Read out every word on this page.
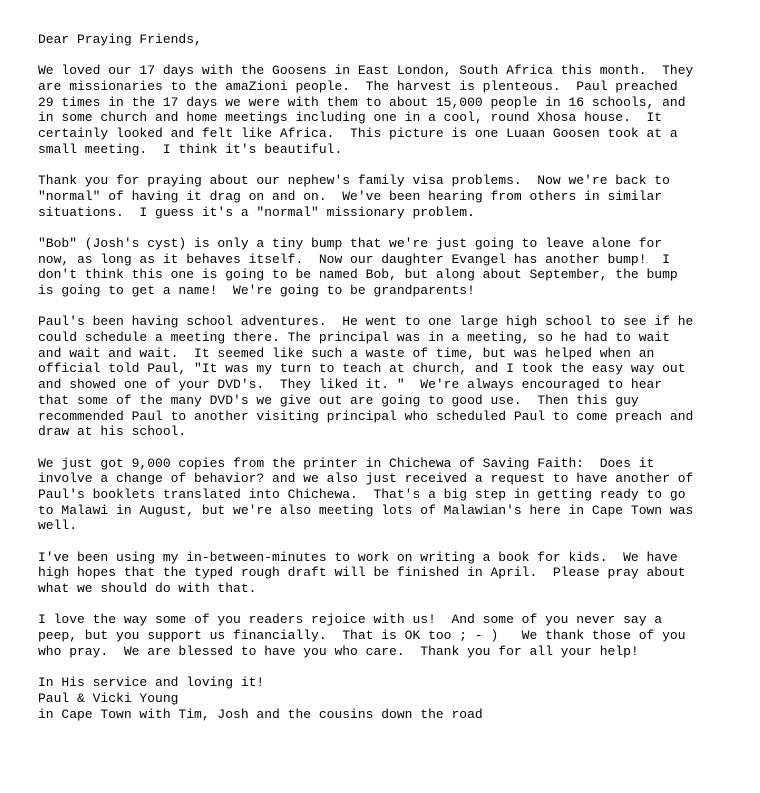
Dear Praying Friends,
We loved our 17 days with the Goosens in East London, South Africa this month.  They
are missionaries to the amaZioni people.  The harvest is plenteous.  Paul preached
29 times in the 17 days we were with them to about 15,000 people in 16 schools, and
in some church and home meetings including one in a cool, round Xhosa house.  It
certainly looked and felt like Africa.  This picture is one Luaan Goosen took at a
small meeting.  I think it's beautiful.
Thank you for praying about our nephew's family visa problems.  Now we're back to
"normal" of having it drag on and on.  We've been hearing from others in similar
situations.  I guess it's a "normal" missionary problem.
"Bob" (Josh's cyst) is only a tiny bump that we're just going to leave alone for
now, as long as it behaves itself.  Now our daughter Evangel has another bump!  I
don't think this one is going to be named Bob, but along about September, the bump
is going to get a name!  We're going to be grandparents!
Paul's been having school adventures.  He went to one large high school to see if he
could schedule a meeting there. The principal was in a meeting, so he had to wait
and wait and wait.  It seemed like such a waste of time, but was helped when an
official told Paul, "It was my turn to teach at church, and I took the easy way out
and showed one of your DVD's.  They liked it. "  We're always encouraged to hear
that some of the many DVD's we give out are going to good use.  Then this guy
recommended Paul to another visiting principal who scheduled Paul to come preach and
draw at his school.
We just got 9,000 copies from the printer in Chichewa of Saving Faith:  Does it
involve a change of behavior? and we also just received a request to have another of
Paul's booklets translated into Chichewa.  That's a big step in getting ready to go
to Malawi in August, but we're also meeting lots of Malawian's here in Cape Town was
well.
I've been using my in-between-minutes to work on writing a book for kids.  We have
high hopes that the typed rough draft will be finished in April.  Please pray about
what we should do with that.
I love the way some of you readers rejoice with us!  And some of you never say a
peep, but you support us financially.  That is OK too ; - )   We thank those of you
who pray.  We are blessed to have you who care.  Thank you for all your help!
In His service and loving it!
Paul & Vicki Young
in Cape Town with Tim, Josh and the cousins down the road
